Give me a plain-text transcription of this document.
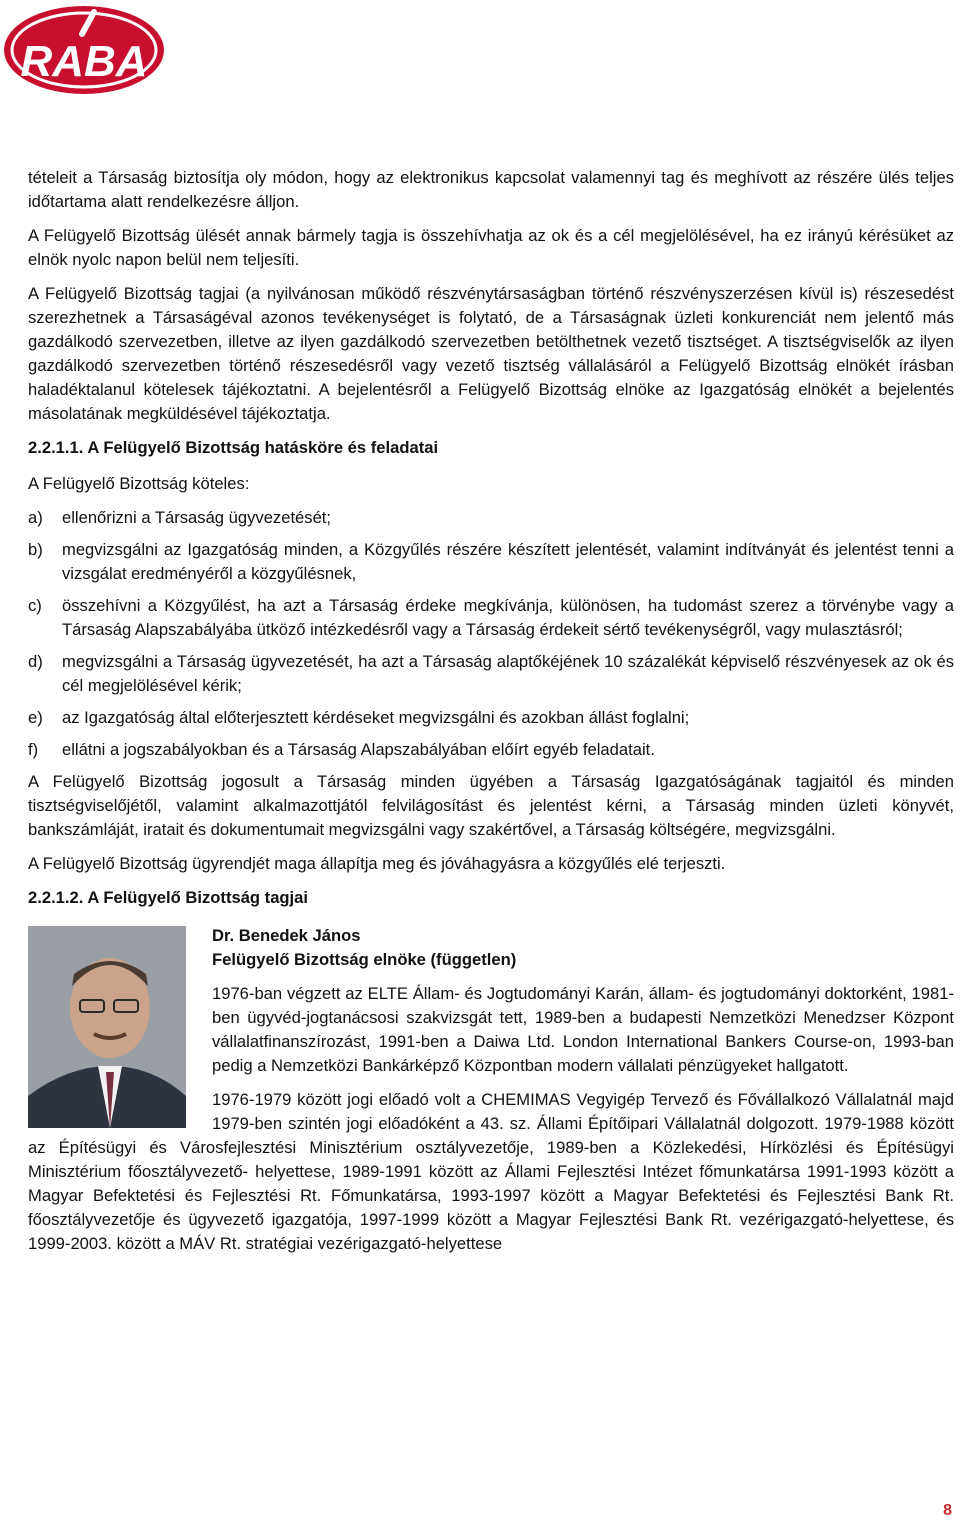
RABA

tételeit a Társaság biztosítja oly módon, hogy az elektronikus kapcsolat valamennyi tag és meghívott az részére ülés teljes időtartama alatt rendelkezésre álljon.

A Felügyelő Bizottság ülését annak bármely tagja is összehívhatja az ok és a cél megjelölésével, ha ez irányú kérésüket az elnök nyolc napon belül nem teljesíti.

A Felügyelő Bizottság tagjai (a nyilvánosan működő részvénytársaságban történő részvényszerzésen kívül is) részesedést szerezhetnek a Társaságéval azonos tevékenységet is folytató, de a Társaságnak üzleti konkurenciát nem jelentő más gazdálkodó szervezetben, illetve az ilyen gazdálkodó szervezetben betölthetnek vezető tisztséget. A tisztségviselők az ilyen gazdálkodó szervezetben történő részesedésről vagy vezető tisztség vállalásáról a Felügyelő Bizottság elnökét írásban haladéktalanul kötelesek tájékoztatni. A bejelentésről a Felügyelő Bizottság elnöke az Igazgatóság elnökét a bejelentés másolatának megküldésével tájékoztatja.

2.2.1.1. A Felügyelő Bizottság hatásköre és feladatai

A Felügyelő Bizottság köteles:

a) ellenőrizni a Társaság ügyvezetését;
b) megvizsgálni az Igazgatóság minden, a Közgyűlés részére készített jelentését, valamint indítványát és jelentést tenni a vizsgálat eredményéről a közgyűlésnek,
c) összehívni a Közgyűlést, ha azt a Társaság érdeke megkívánja, különösen, ha tudomást szerez a törvénybe vagy a Társaság Alapszabályába ütköző intézkedésről vagy a Társaság érdekeit sértő tevékenységről, vagy mulasztásról;
d) megvizsgálni a Társaság ügyvezetését, ha azt a Társaság alaptőkéjének 10 százalékát képviselő részvényesek az ok és cél megjelölésével kérik;
e) az Igazgatóság által előterjesztett kérdéseket megvizsgálni és azokban állást foglalni;
f) ellátni a jogszabályokban és a Társaság Alapszabályában előírt egyéb feladatait.

A Felügyelő Bizottság jogosult a Társaság minden ügyében a Társaság Igazgatóságának tagjaitól és minden tisztségviselőjétől, valamint alkalmazottjától felvilágosítást és jelentést kérni, a Társaság minden üzleti könyvét, bankszámláját, iratait és dokumentumait megvizsgálni vagy szakértővel, a Társaság költségére, megvizsgálni.

A Felügyelő Bizottság ügyrendjét maga állapítja meg és jóváhagyásra a közgyűlés elé terjeszti.

2.2.1.2. A Felügyelő Bizottság tagjai

Dr. Benedek János

Felügyelő Bizottság elnöke (független)

1976-ban végzett az ELTE Állam- és Jogtudományi Karán, állam- és jogtudományi doktorként, 1981-ben ügyvéd-jogtanácsosi szakvizsgát tett, 1989-ben a budapesti Nemzetközi Menedzser Központ vállalatfinanszírozást, 1991-ben a Daiwa Ltd. London International Bankers Course-on, 1993-ban pedig a Nemzetközi Bankárképző Központban modern vállalati pénzügyeket hallgatott.

1976-1979 között jogi előadó volt a CHEMIMAS Vegyigép Tervező és Fővállalkozó Vállalatnál majd 1979-ben szintén jogi előadóként a 43. sz. Állami Építőipari Vállalatnál dolgozott. 1979-1988 között az Építésügyi és Városfejlesztési Minisztérium osztályvezetője, 1989-ben a Közlekedési, Hírközlési és Építésügyi Minisztérium főosztályvezető- helyettese, 1989-1991 között az Állami Fejlesztési Intézet főmunkatársa 1991-1993 között a Magyar Befektetési és Fejlesztési Rt. Főmunkatársa, 1993-1997 között a Magyar Befektetési és Fejlesztési Bank Rt. főosztályvezetője és ügyvezető igazgatója, 1997-1999 között a Magyar Fejlesztési Bank Rt. vezérigazgató-helyettese, és 1999-2003. között a MÁV Rt. stratégiai vezérigazgató-helyettese

8
